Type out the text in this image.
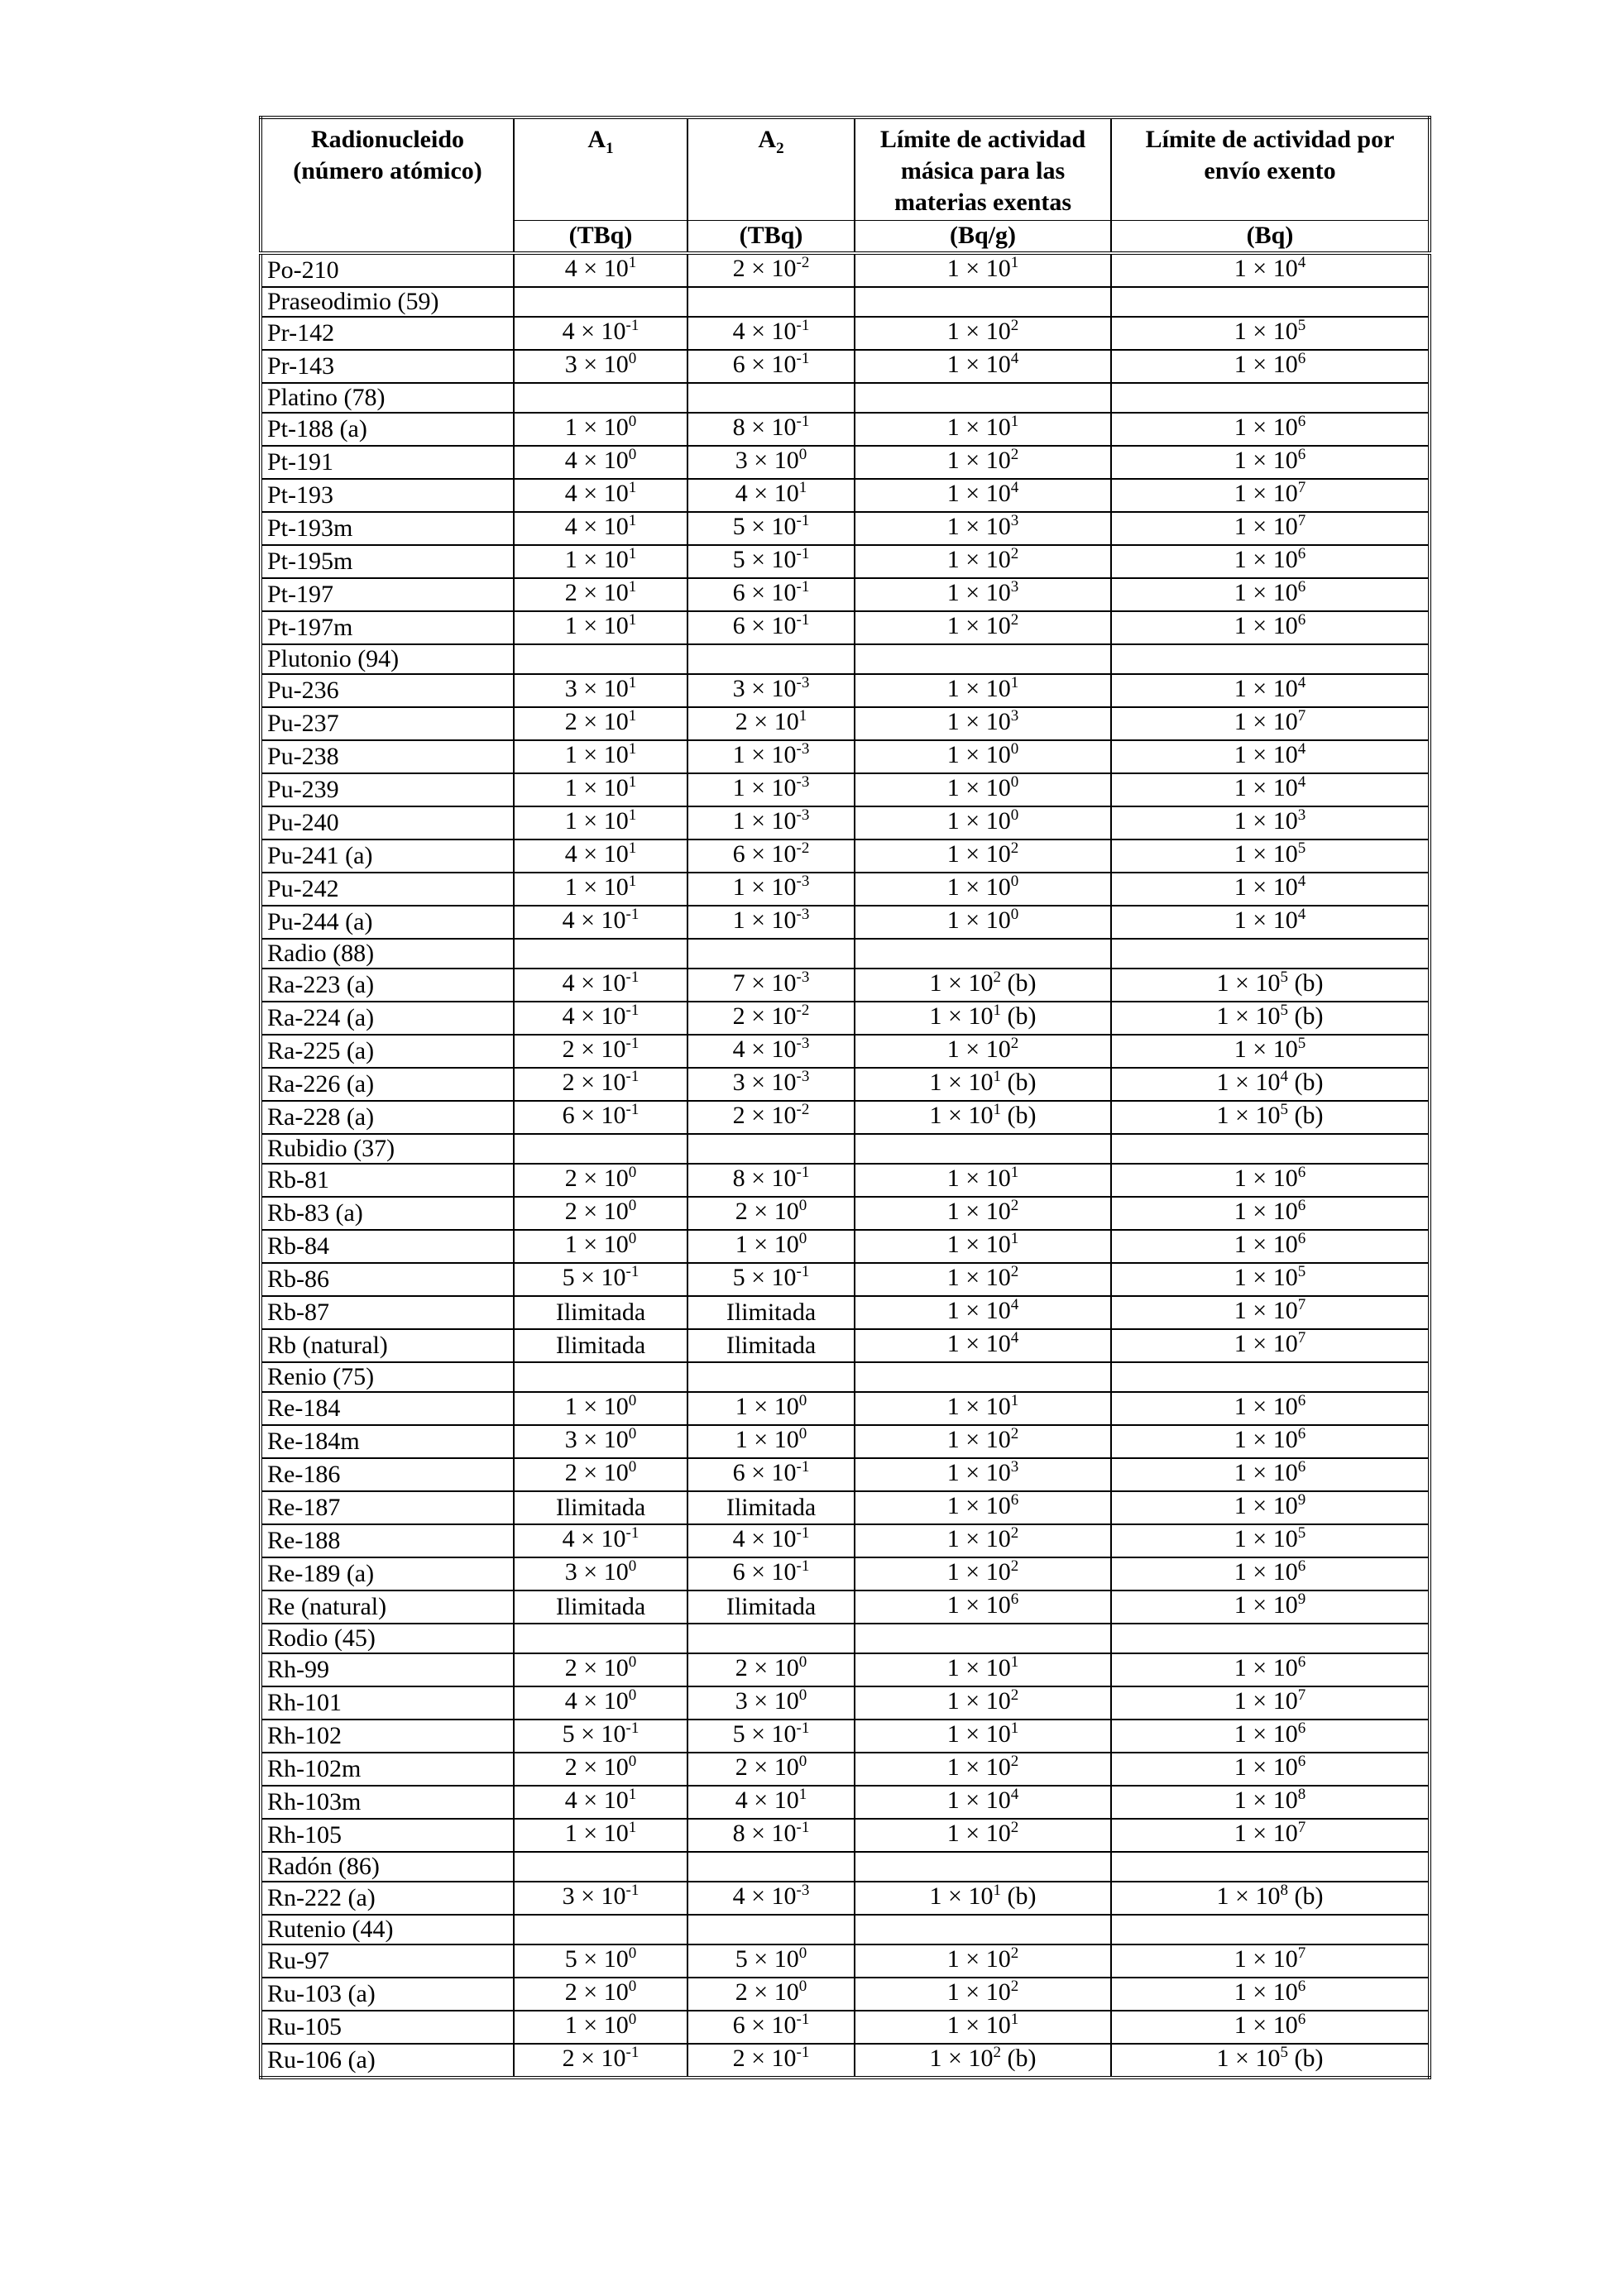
Radionucleido (número atómico)	$A_1$	$A_2$	Límite de actividad másica para las materias exentas	Límite de actividad por envío exento
	(TBq)	(TBq)	(Bq/g)	(Bq)
Po-210	$4 \times 10^1$	$2 \times 10^{-2}$	$1 \times 10^1$	$1 \times 10^4$
Praseodimio (59)				
Pr-142	$4 \times 10^{-1}$	$4 \times 10^{-1}$	$1 \times 10^2$	$1 \times 10^5$
Pr-143	$3 \times 10^0$	$6 \times 10^{-1}$	$1 \times 10^4$	$1 \times 10^6$
Platino (78)				
Pt-188 (a)	$1 \times 10^0$	$8 \times 10^{-1}$	$1 \times 10^1$	$1 \times 10^6$
Pt-191	$4 \times 10^0$	$3 \times 10^0$	$1 \times 10^2$	$1 \times 10^6$
Pt-193	$4 \times 10^1$	$4 \times 10^1$	$1 \times 10^4$	$1 \times 10^7$
Pt-193m	$4 \times 10^1$	$5 \times 10^{-1}$	$1 \times 10^3$	$1 \times 10^7$
Pt-195m	$1 \times 10^1$	$5 \times 10^{-1}$	$1 \times 10^2$	$1 \times 10^6$
Pt-197	$2 \times 10^1$	$6 \times 10^{-1}$	$1 \times 10^3$	$1 \times 10^6$
Pt-197m	$1 \times 10^1$	$6 \times 10^{-1}$	$1 \times 10^2$	$1 \times 10^6$
Plutonio (94)				
Pu-236	$3 \times 10^1$	$3 \times 10^{-3}$	$1 \times 10^1$	$1 \times 10^4$
Pu-237	$2 \times 10^1$	$2 \times 10^1$	$1 \times 10^3$	$1 \times 10^7$
Pu-238	$1 \times 10^1$	$1 \times 10^{-3}$	$1 \times 10^0$	$1 \times 10^4$
Pu-239	$1 \times 10^1$	$1 \times 10^{-3}$	$1 \times 10^0$	$1 \times 10^4$
Pu-240	$1 \times 10^1$	$1 \times 10^{-3}$	$1 \times 10^0$	$1 \times 10^3$
Pu-241 (a)	$4 \times 10^1$	$6 \times 10^{-2}$	$1 \times 10^2$	$1 \times 10^5$
Pu-242	$1 \times 10^1$	$1 \times 10^{-3}$	$1 \times 10^0$	$1 \times 10^4$
Pu-244 (a)	$4 \times 10^{-1}$	$1 \times 10^{-3}$	$1 \times 10^0$	$1 \times 10^4$
Radio (88)				
Ra-223 (a)	$4 \times 10^{-1}$	$7 \times 10^{-3}$	$1 \times 10^2$ (b)	$1 \times 10^5$ (b)
Ra-224 (a)	$4 \times 10^{-1}$	$2 \times 10^{-2}$	$1 \times 10^1$ (b)	$1 \times 10^5$ (b)
Ra-225 (a)	$2 \times 10^{-1}$	$4 \times 10^{-3}$	$1 \times 10^2$	$1 \times 10^5$
Ra-226 (a)	$2 \times 10^{-1}$	$3 \times 10^{-3}$	$1 \times 10^1$ (b)	$1 \times 10^4$ (b)
Ra-228 (a)	$6 \times 10^{-1}$	$2 \times 10^{-2}$	$1 \times 10^1$ (b)	$1 \times 10^5$ (b)
Rubidio (37)				
Rb-81	$2 \times 10^0$	$8 \times 10^{-1}$	$1 \times 10^1$	$1 \times 10^6$
Rb-83 (a)	$2 \times 10^0$	$2 \times 10^0$	$1 \times 10^2$	$1 \times 10^6$
Rb-84	$1 \times 10^0$	$1 \times 10^0$	$1 \times 10^1$	$1 \times 10^6$
Rb-86	$5 \times 10^{-1}$	$5 \times 10^{-1}$	$1 \times 10^2$	$1 \times 10^5$
Rb-87	Ilimitada	Ilimitada	$1 \times 10^4$	$1 \times 10^7$
Rb (natural)	Ilimitada	Ilimitada	$1 \times 10^4$	$1 \times 10^7$
Renio (75)				
Re-184	$1 \times 10^0$	$1 \times 10^0$	$1 \times 10^1$	$1 \times 10^6$
Re-184m	$3 \times 10^0$	$1 \times 10^0$	$1 \times 10^2$	$1 \times 10^6$
Re-186	$2 \times 10^0$	$6 \times 10^{-1}$	$1 \times 10^3$	$1 \times 10^6$
Re-187	Ilimitada	Ilimitada	$1 \times 10^6$	$1 \times 10^9$
Re-188	$4 \times 10^{-1}$	$4 \times 10^{-1}$	$1 \times 10^2$	$1 \times 10^5$
Re-189 (a)	$3 \times 10^0$	$6 \times 10^{-1}$	$1 \times 10^2$	$1 \times 10^6$
Re (natural)	Ilimitada	Ilimitada	$1 \times 10^6$	$1 \times 10^9$
Rodio (45)				
Rh-99	$2 \times 10^0$	$2 \times 10^0$	$1 \times 10^1$	$1 \times 10^6$
Rh-101	$4 \times 10^0$	$3 \times 10^0$	$1 \times 10^2$	$1 \times 10^7$
Rh-102	$5 \times 10^{-1}$	$5 \times 10^{-1}$	$1 \times 10^1$	$1 \times 10^6$
Rh-102m	$2 \times 10^0$	$2 \times 10^0$	$1 \times 10^2$	$1 \times 10^6$
Rh-103m	$4 \times 10^1$	$4 \times 10^1$	$1 \times 10^4$	$1 \times 10^8$
Rh-105	$1 \times 10^1$	$8 \times 10^{-1}$	$1 \times 10^2$	$1 \times 10^7$
Radón (86)				
Rn-222 (a)	$3 \times 10^{-1}$	$4 \times 10^{-3}$	$1 \times 10^1$ (b)	$1 \times 10^8$ (b)
Rutenio (44)				
Ru-97	$5 \times 10^0$	$5 \times 10^0$	$1 \times 10^2$	$1 \times 10^7$
Ru-103 (a)	$2 \times 10^0$	$2 \times 10^0$	$1 \times 10^2$	$1 \times 10^6$
Ru-105	$1 \times 10^0$	$6 \times 10^{-1}$	$1 \times 10^1$	$1 \times 10^6$
Ru-106 (a)	$2 \times 10^{-1}$	$2 \times 10^{-1}$	$1 \times 10^2$ (b)	$1 \times 10^5$ (b)
